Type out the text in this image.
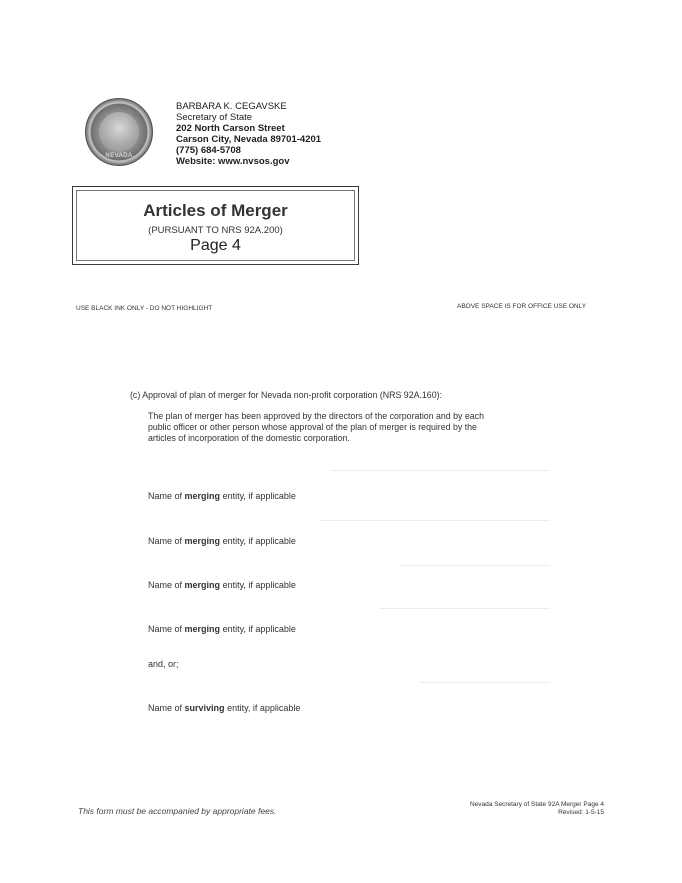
NEVADA
BARBARA K. CEGAVSKE
Secretary of State
202 North Carson Street
Carson City, Nevada 89701-4201
(775) 684-5708
Website: www.nvsos.gov
Articles of Merger
(PURSUANT TO NRS 92A.200)
Page 4
USE BLACK INK ONLY - DO NOT HIGHLIGHT	ABOVE SPACE IS FOR OFFICE USE ONLY
(c) Approval of plan of merger for Nevada non-profit corporation (NRS 92A.160):
The plan of merger has been approved by the directors of the corporation and by each
public officer or other person whose approval of the plan of merger is required by the
articles of incorporation of the domestic corporation.
Name of merging entity, if applicable
Name of merging entity, if applicable
Name of merging entity, if applicable
Name of merging entity, if applicable
and, or;
Name of surviving entity, if applicable
This form must be accompanied by appropriate fees.
Nevada Secretary of State 92A Merger Page 4
Revised: 1-5-15
